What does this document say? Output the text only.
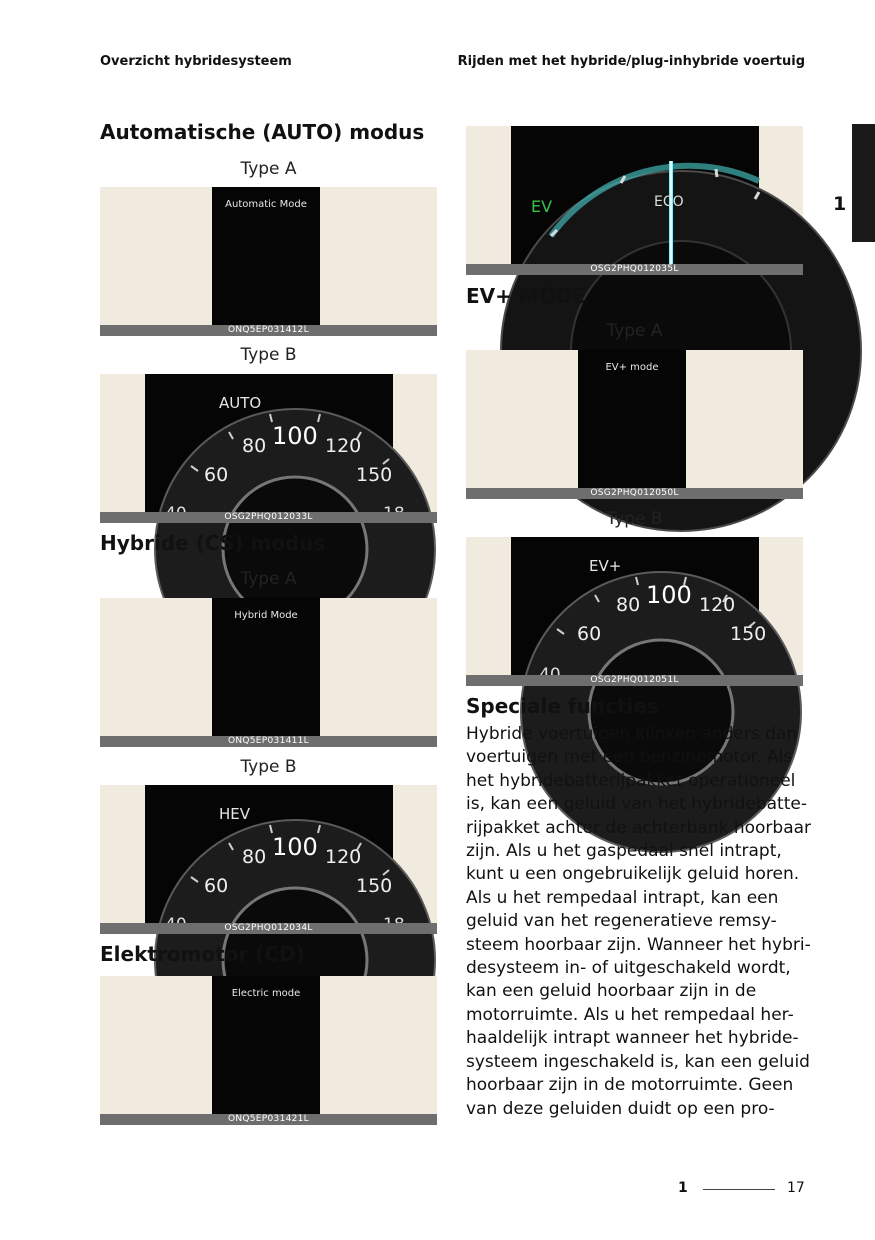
Overzicht hybridesysteem	Rijden met het hybride/plug-inhybride voertuig
1
Automatische (AUTO) modus
Type A
Automatic Mode
ONQ5EP031412L
Type B
AUTO
80 100 120
60	150
OSG2PHQ012033L
Hybride (CS) modus
Type A
Hybrid Mode
ONQ5EP031411L
Type B
HEV
80 100 120
60	150
OSG2PHQ012034L
Elektromotor (CD)
Electric mode
ONQ5EP031421L
EV	ECO
OSG2PHQ012035L
EV+ MODE
Type A
EV+ mode
OSG2PHQ012050L
Type B
EV+
80 100 120
60	150
OSG2PHQ012051L
Speciale functies
Hybride voertuigen klinken anders dan
voertuigen met een benzinemotor. Als
het hybridebatterijpakket operationeel
is, kan een geluid van het hybridebatte-
rijpakket achter de achterbank hoorbaar
zijn. Als u het gaspedaal snel intrapt,
kunt u een ongebruikelijk geluid horen.
Als u het rempedaal intrapt, kan een
geluid van het regeneratieve remsy-
steem hoorbaar zijn. Wanneer het hybri-
desysteem in- of uitgeschakeld wordt,
kan een geluid hoorbaar zijn in de
motorruimte. Als u het rempedaal her-
haaldelijk intrapt wanneer het hybride-
systeem ingeschakeld is, kan een geluid
hoorbaar zijn in de motorruimte. Geen
van deze geluiden duidt op een pro-
1	17
